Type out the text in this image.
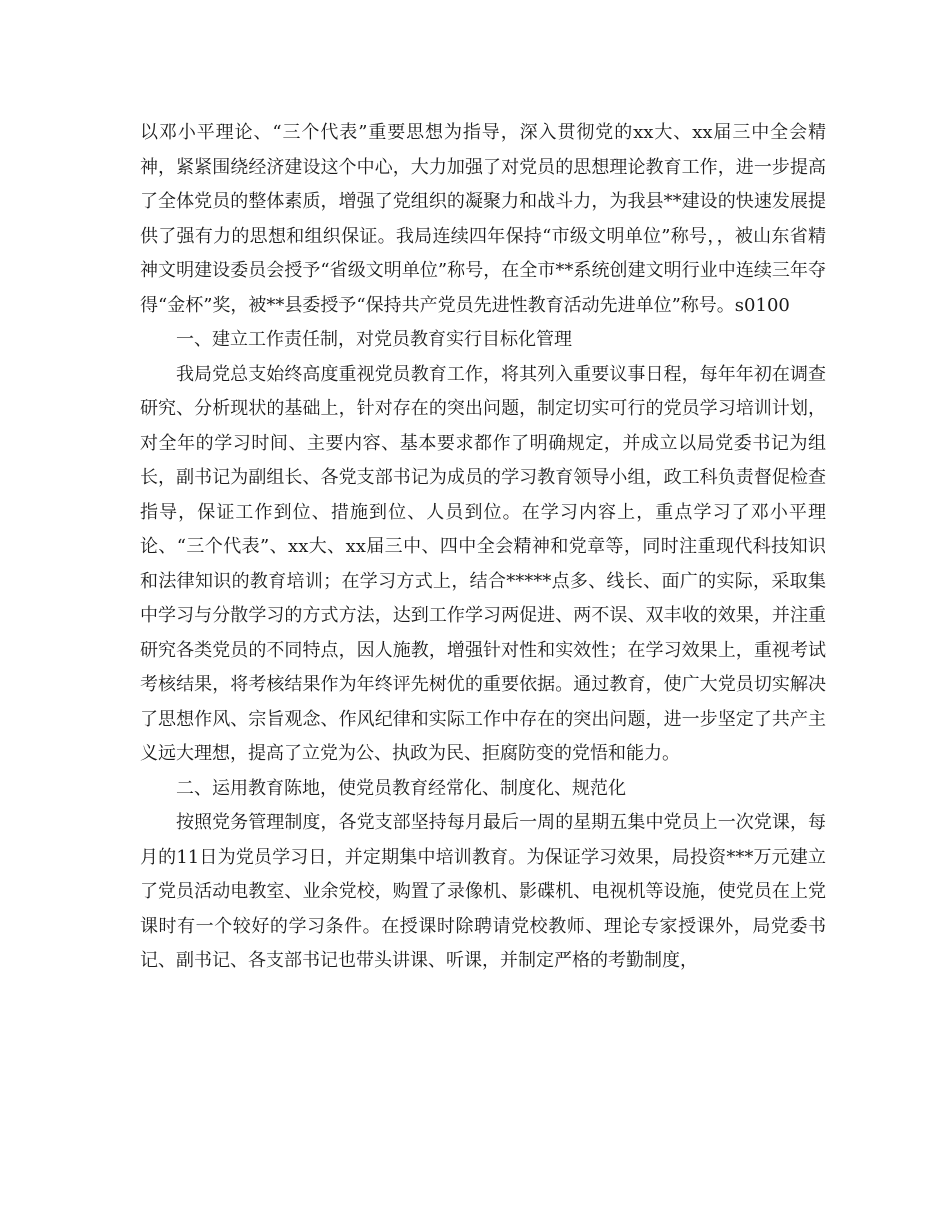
以邓小平理论、“三个代表”重要思想为指导，深入贯彻党的xx大、xx届三中全会精神，紧紧围绕经济建设这个中心，大力加强了对党员的思想理论教育工作，进一步提高了全体党员的整体素质，增强了党组织的凝聚力和战斗力，为我县**建设的快速发展提供了强有力的思想和组织保证。我局连续四年保持“市级文明单位”称号，，被山东省精神文明建设委员会授予“省级文明单位”称号，在全市**系统创建文明行业中连续三年夺得“金杯”奖，被**县委授予“保持共产党员先进性教育活动先进单位”称号。s0100

一、建立工作责任制，对党员教育实行目标化管理

我局党总支始终高度重视党员教育工作，将其列入重要议事日程，每年年初在调查研究、分析现状的基础上，针对存在的突出问题，制定切实可行的党员学习培训计划，对全年的学习时间、主要内容、基本要求都作了明确规定，并成立以局党委书记为组长，副书记为副组长、各党支部书记为成员的学习教育领导小组，政工科负责督促检查指导，保证工作到位、措施到位、人员到位。在学习内容上，重点学习了邓小平理论、“三个代表”、xx大、xx届三中、四中全会精神和党章等，同时注重现代科技知识和法律知识的教育培训；在学习方式上，结合*****点多、线长、面广的实际，采取集中学习与分散学习的方式方法，达到工作学习两促进、两不误、双丰收的效果，并注重研究各类党员的不同特点，因人施教，增强针对性和实效性；在学习效果上，重视考试考核结果，将考核结果作为年终评先树优的重要依据。通过教育，使广大党员切实解决了思想作风、宗旨观念、作风纪律和实际工作中存在的突出问题，进一步坚定了共产主义远大理想，提高了立党为公、执政为民、拒腐防变的党悟和能力。

二、运用教育陈地，使党员教育经常化、制度化、规范化

按照党务管理制度，各党支部坚持每月最后一周的星期五集中党员上一次党课，每月的11日为党员学习日，并定期集中培训教育。为保证学习效果，局投资***万元建立了党员活动电教室、业余党校，购置了录像机、影碟机、电视机等设施，使党员在上党课时有一个较好的学习条件。在授课时除聘请党校教师、理论专家授课外，局党委书记、副书记、各支部书记也带头讲课、听课，并制定严格的考勤制度，
